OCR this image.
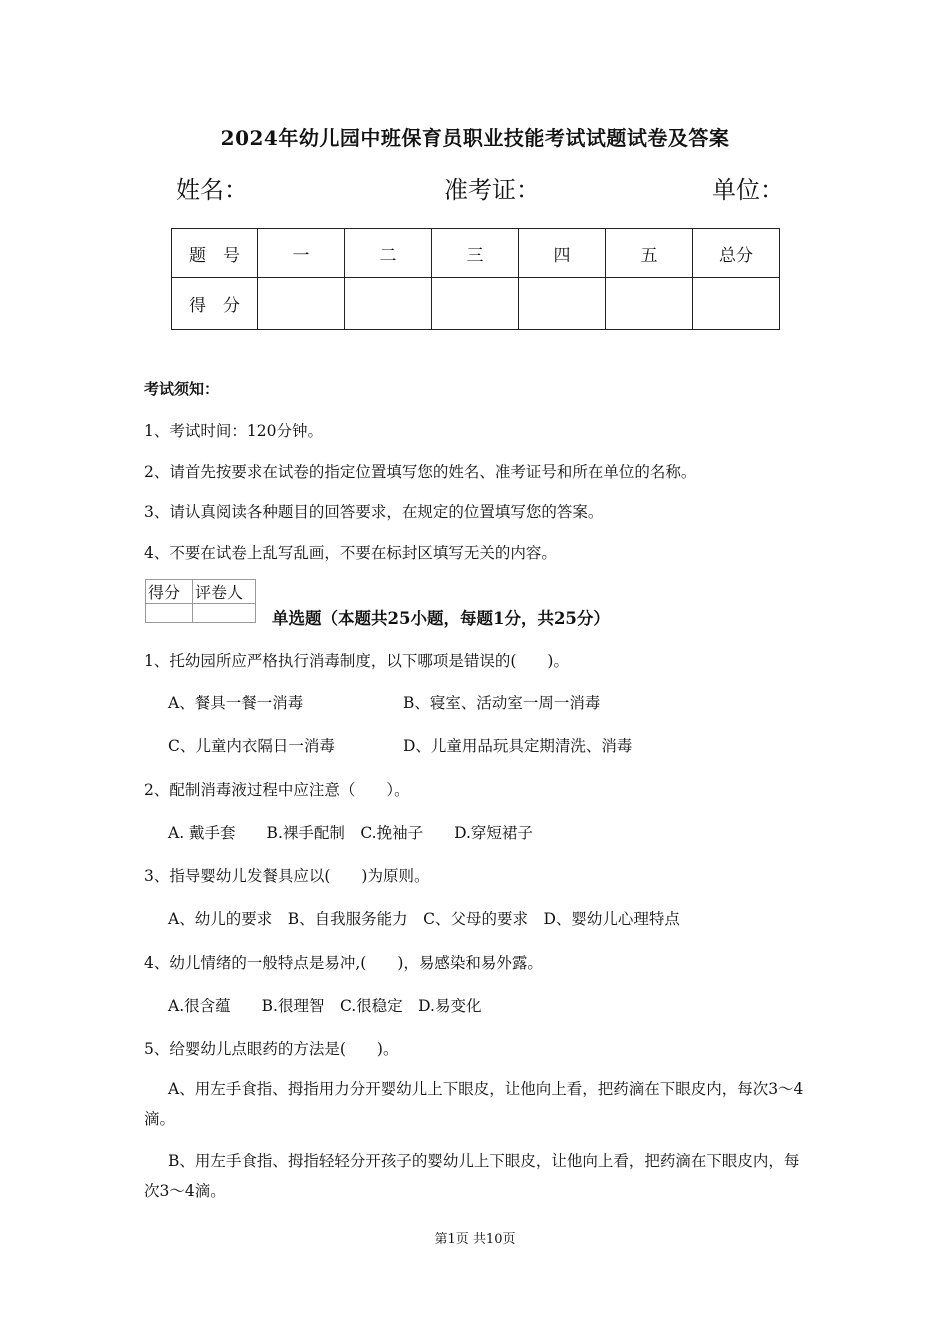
2024年幼儿园中班保育员职业技能考试试题试卷及答案
姓名：	准考证：	单位：
题　号	一	二	三	四	五	总分
得　分						
考试须知：
1、考试时间：120分钟。
2、请首先按要求在试卷的指定位置填写您的姓名、准考证号和所在单位的名称。
3、请认真阅读各种题目的回答要求，在规定的位置填写您的答案。
4、不要在试卷上乱写乱画，不要在标封区填写无关的内容。
得分	评卷人

单选题（本题共25小题，每题1分，共25分）
1、托幼园所应严格执行消毒制度，以下哪项是错误的(　　)。
A、餐具一餐一消毒	B、寝室、活动室一周一消毒
C、儿童内衣隔日一消毒	D、儿童用品玩具定期清洗、消毒
2、配制消毒液过程中应注意（　　）。
A. 戴手套　　B.裸手配制　C.挽袖子　　D.穿短裙子
3、指导婴幼儿发餐具应以(　　)为原则。
A、幼儿的要求　B、自我服务能力　C、父母的要求　D、婴幼儿心理特点
4、幼儿情绪的一般特点是易冲,(　　)，易感染和易外露。
A.很含蕴　　B.很理智　C.很稳定　D.易变化
5、给婴幼儿点眼药的方法是(　　)。
A、用左手食指、拇指用力分开婴幼儿上下眼皮，让他向上看，把药滴在下眼皮内，每次3～4滴。
B、用左手食指、拇指轻轻分开孩子的婴幼儿上下眼皮，让他向上看，把药滴在下眼皮内，每次3～4滴。
第1页 共10页
